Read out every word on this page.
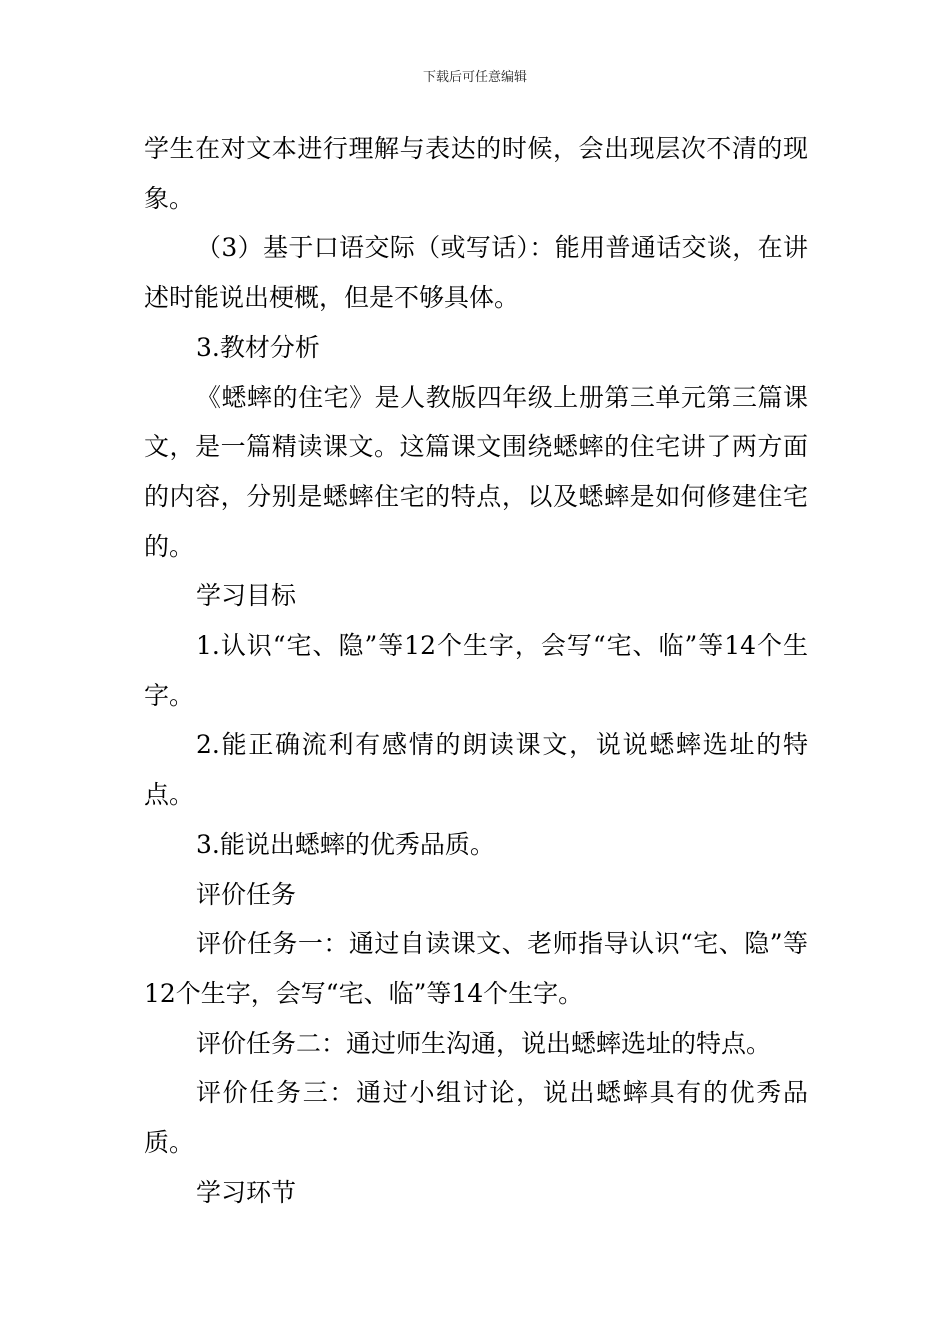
下载后可任意编辑

学生在对文本进行理解与表达的时候，会出现层次不清的现象。

（3）基于口语交际（或写话）：能用普通话交谈，在讲述时能说出梗概，但是不够具体。

3.教材分析

《蟋蟀的住宅》是人教版四年级上册第三单元第三篇课文，是一篇精读课文。这篇课文围绕蟋蟀的住宅讲了两方面的内容，分别是蟋蟀住宅的特点，以及蟋蟀是如何修建住宅的。

学习目标

1.认识“宅、隐”等12个生字，会写“宅、临”等14个生字。

2.能正确流利有感情的朗读课文，说说蟋蟀选址的特点。

3.能说出蟋蟀的优秀品质。

评价任务

评价任务一：通过自读课文、老师指导认识“宅、隐”等12个生字，会写“宅、临”等14个生字。

评价任务二：通过师生沟通，说出蟋蟀选址的特点。

评价任务三：通过小组讨论，说出蟋蟀具有的优秀品质。

学习环节
